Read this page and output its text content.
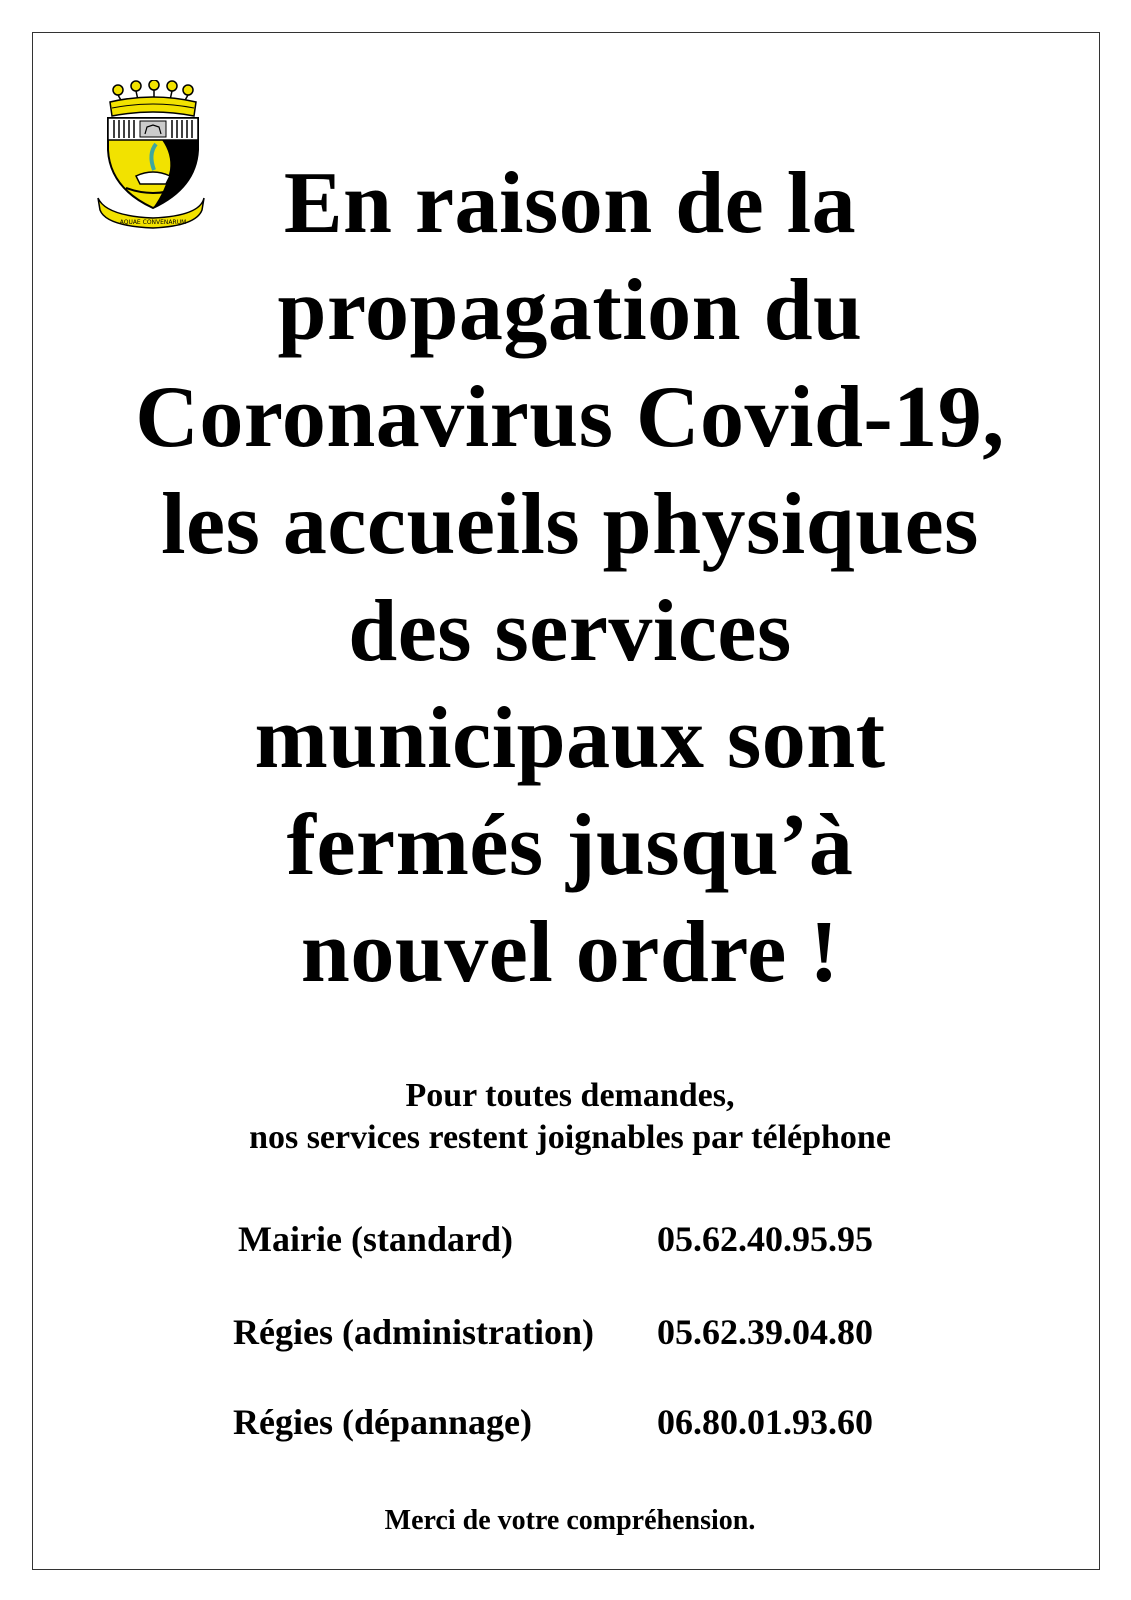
AQUAE CONVENARUM	En raison de la
propagation du
Coronavirus Covid-19,
les accueils physiques
des services
municipaux sont
fermés jusqu’à
nouvel ordre !
Pour toutes demandes,
nos services restent joignables par téléphone
Mairie (standard)	05.62.40.95.95
Régies (administration) 05.62.39.04.80
Régies (dépannage)	06.80.01.93.60
Merci de votre compréhension.
